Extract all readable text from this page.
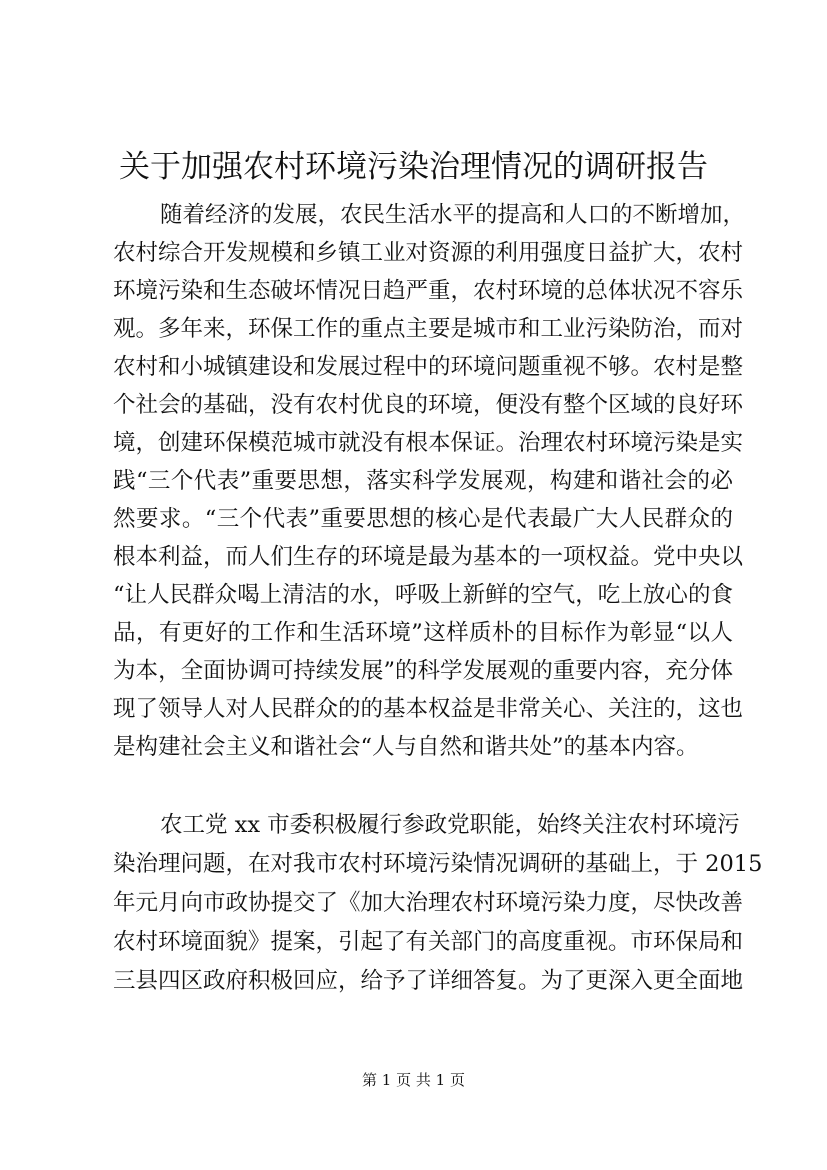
关于加强农村环境污染治理情况的调研报告
随着经济的发展，农民生活水平的提高和人口的不断增加，
农村综合开发规模和乡镇工业对资源的利用强度日益扩大，农村
环境污染和生态破坏情况日趋严重，农村环境的总体状况不容乐
观。多年来，环保工作的重点主要是城市和工业污染防治，而对
农村和小城镇建设和发展过程中的环境问题重视不够。农村是整
个社会的基础，没有农村优良的环境，便没有整个区域的良好环
境，创建环保模范城市就没有根本保证。治理农村环境污染是实
践“三个代表”重要思想，落实科学发展观，构建和谐社会的必
然要求。“三个代表”重要思想的核心是代表最广大人民群众的
根本利益，而人们生存的环境是最为基本的一项权益。党中央以
“让人民群众喝上清洁的水，呼吸上新鲜的空气，吃上放心的食
品，有更好的工作和生活环境”这样质朴的目标作为彰显“以人
为本，全面协调可持续发展”的科学发展观的重要内容，充分体
现了领导人对人民群众的的基本权益是非常关心、关注的，这也
是构建社会主义和谐社会“人与自然和谐共处”的基本内容。
农工党 xx 市委积极履行参政党职能，始终关注农村环境污
染治理问题，在对我市农村环境污染情况调研的基础上，于 2015
年元月向市政协提交了《加大治理农村环境污染力度，尽快改善
农村环境面貌》提案，引起了有关部门的高度重视。市环保局和
三县四区政府积极回应，给予了详细答复。为了更深入更全面地
第 1 页 共 1 页
